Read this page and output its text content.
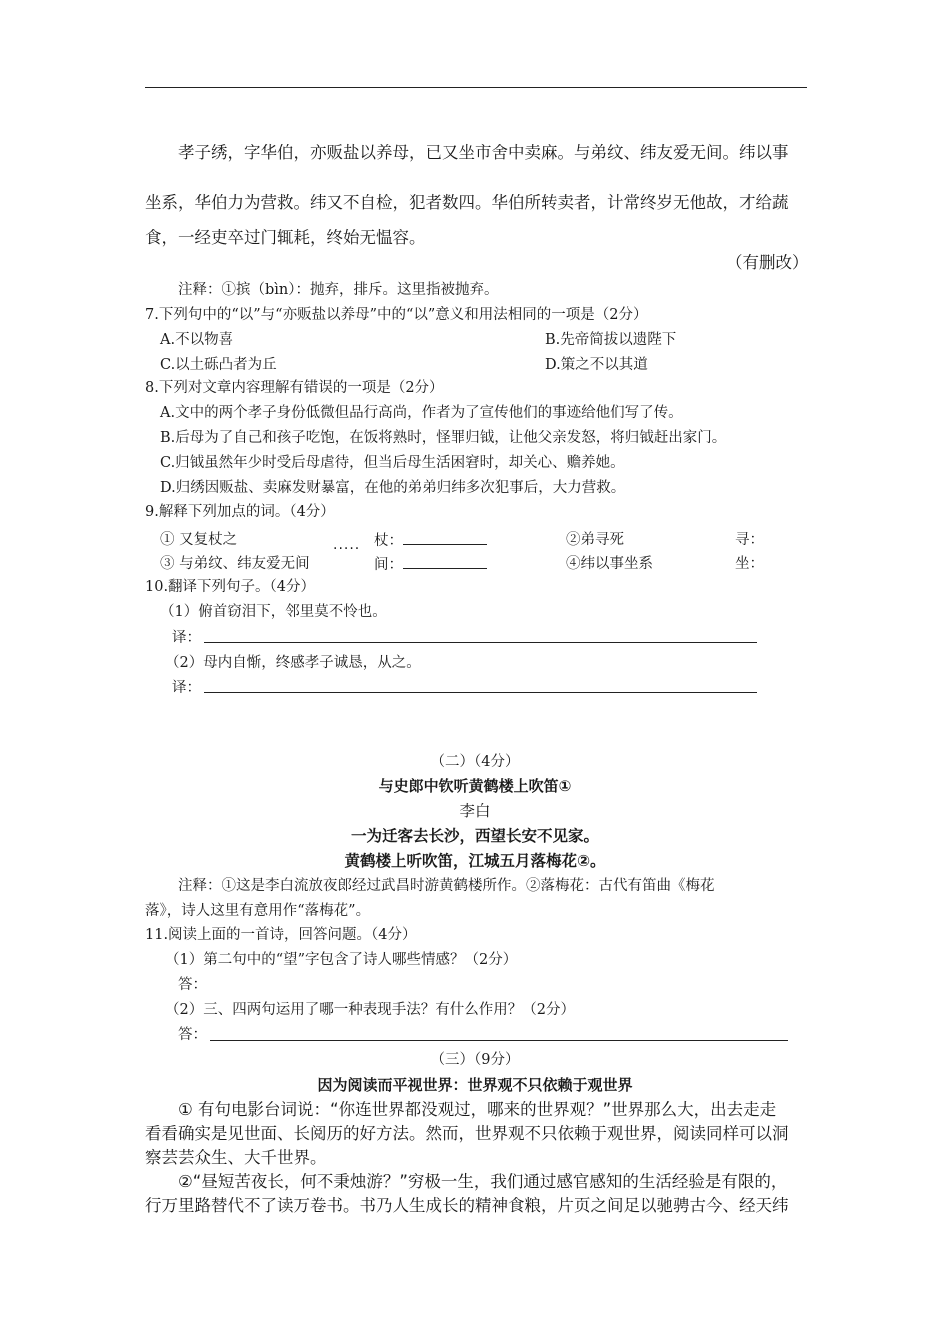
孝子绣，字华伯，亦贩盐以养母，已又坐市舍中卖麻。与弟纹、纬友爱无间。纬以事
坐系，华伯力为营救。纬又不自检，犯者数四。华伯所转卖者，计常终岁无他故，才给蔬
食，一经吏卒过门辄耗，终始无愠容。
（有删改）
注释：①摈（bìn）：抛弃，排斥。这里指被抛弃。
7.下列句中的“以”与“亦贩盐以养母”中的“以”意义和用法相同的一项是（2分）
A.不以物喜	B.先帝简拔以遗陛下
C.以土砾凸者为丘	D.策之不以其道
8.下列对文章内容理解有错误的一项是（2分）
A.文中的两个孝子身份低微但品行高尚，作者为了宣传他们的事迹给他们写了传。
B.后母为了自己和孩子吃饱，在饭将熟时，怪罪归钺，让他父亲发怒，将归钺赶出家门。
C.归钺虽然年少时受后母虐待，但当后母生活困窘时，却关心、赡养她。
D.归绣因贩盐、卖麻发财暴富，在他的弟弟归纬多次犯事后，大力营救。
9.解释下列加点的词。（4分）
① 又复杖之	杖：	②弟寻死	寻：
.....
③ 与弟纹、纬友爱无间	间：	④纬以事坐系	坐：
10.翻译下列句子。（4分）
（1）俯首窃泪下，邻里莫不怜也。
译：
（2）母内自惭，终感孝子诚恳，从之。
译：
（二）（4分）
与史郎中钦听黄鹤楼上吹笛①
李白
一为迁客去长沙，西望长安不见家。
黄鹤楼上听吹笛，江城五月落梅花②。
注释：①这是李白流放夜郎经过武昌时游黄鹤楼所作。②落梅花：古代有笛曲《梅花
落》，诗人这里有意用作“落梅花”。
11.阅读上面的一首诗，回答问题。（4分）
（1）第二句中的“望”字包含了诗人哪些情感？（2分）
答：
（2）三、四两句运用了哪一种表现手法？有什么作用？（2分）
答：
（三）（9分）
因为阅读而平视世界：世界观不只依赖于观世界
① 有句电影台词说：“你连世界都没观过，哪来的世界观？”世界那么大，出去走走
看看确实是见世面、长阅历的好方法。然而，世界观不只依赖于观世界，阅读同样可以洞
察芸芸众生、大千世界。
②“昼短苦夜长，何不秉烛游？”穷极一生，我们通过感官感知的生活经验是有限的，
行万里路替代不了读万卷书。书乃人生成长的精神食粮，片页之间足以驰骋古今、经天纬
